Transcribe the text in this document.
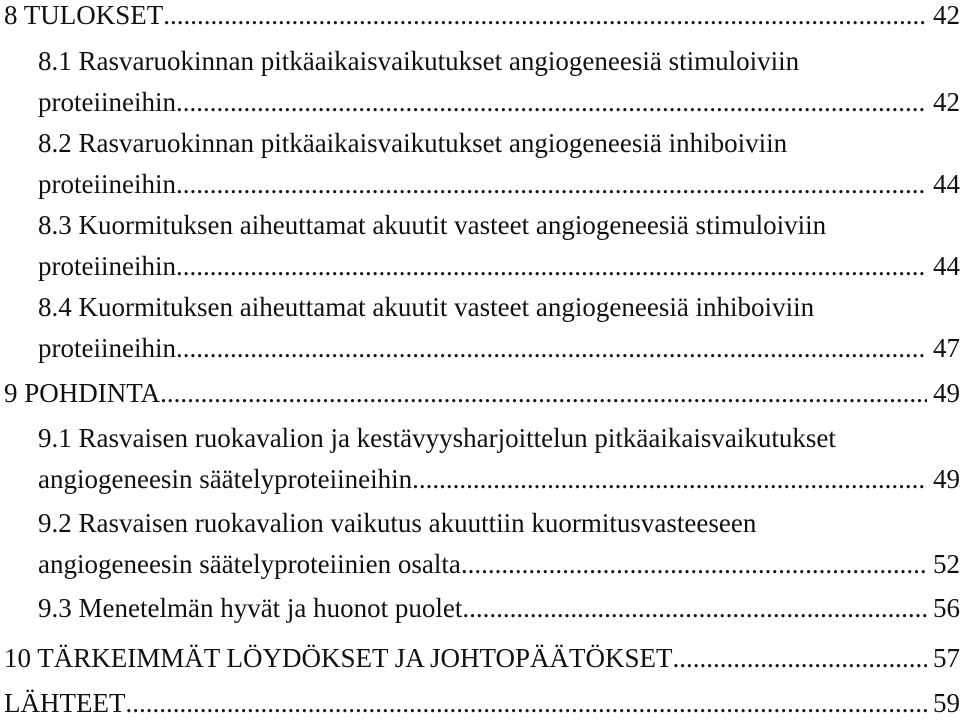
8 TULOKSET .....	42
8.1 Rasvaruokinnan pitkäaikaisvaikutukset angiogeneesiä stimuloiviin
proteiineihin .....	42
8.2 Rasvaruokinnan pitkäaikaisvaikutukset angiogeneesiä inhiboiviin
proteiineihin .....	44
8.3 Kuormituksen aiheuttamat akuutit vasteet angiogeneesiä stimuloiviin
proteiineihin .....	44
8.4 Kuormituksen aiheuttamat akuutit vasteet angiogeneesiä inhiboiviin
proteiineihin .....	47
9 POHDINTA .....	49
9.1 Rasvaisen ruokavalion ja kestävyysharjoittelun pitkäaikaisvaikutukset
angiogeneesin säätelyproteiineihin .....	49
9.2 Rasvaisen ruokavalion vaikutus akuuttiin kuormitusvasteeseen
angiogeneesin säätelyproteiinien osalta .....	52
9.3 Menetelmän hyvät ja huonot puolet .....	56
10 TÄRKEIMMÄT LÖYDÖKSET JA JOHTOPÄÄTÖKSET .....	57
LÄHTEET .....	59
